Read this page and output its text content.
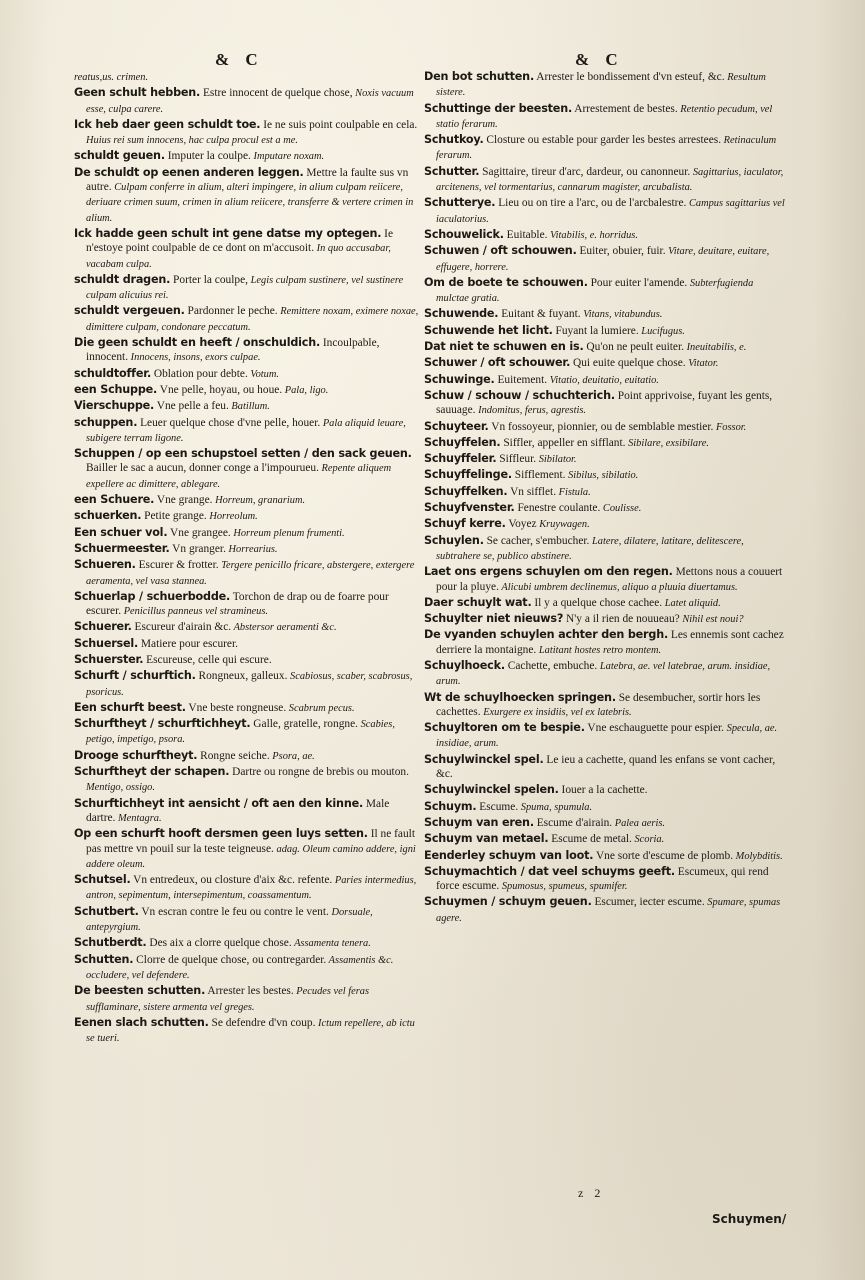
& C	& C

reatus,us. crimen.

Geen schult hebben. Estre innocent de quelque chose, Noxis vacuum esse, culpa carere.

Ick heb daer geen schuldt toe. Ie ne suis point coulpable en cela. Huius rei sum innocens, hac culpa procul est a me.

schuldt geuen. Imputer la coulpe. Imputare noxam.

De schuldt op eenen anderen leggen. Mettre la faulte sus vn autre. Culpam conferre in alium, alteri impingere, in alium culpam reiicere, deriuare crimen suum, crimen in alium reiicere, transferre & vertere crimen in alium.

Ick hadde geen schult int gene datse my optegen. Ie n'estoye point coulpable de ce dont on m'accusoit. In quo accusabar, vacabam culpa.

schuldt dragen. Porter la coulpe, Legis culpam sustinere, vel sustinere culpam alicuius rei.

schuldt vergeuen. Pardonner le peche. Remittere noxam, eximere noxae, dimittere culpam, condonare peccatum.

Die geen schuldt en heeft / onschuldich. Incoulpable, innocent. Innocens, insons, exors culpae.

schuldtoffer. Oblation pour debte. Votum.

een Schuppe. Vne pelle, hoyau, ou houe. Pala, ligo.

Vierschuppe. Vne pelle a feu. Batillum.

schuppen. Leuer quelque chose d'vne pelle, houer. Pala aliquid leuare, subigere terram ligone.

Schuppen / op een schupstoel setten / den sack geuen. Bailler le sac a aucun, donner conge a l'impourueu. Repente aliquem expellere ac dimittere, ablegare.

een Schuere. Vne grange. Horreum, granarium.

schuerken. Petite grange. Horreolum.

Een schuer vol. Vne grangee. Horreum plenum frumenti.

Schuermeester. Vn granger. Horrearius.

Schueren. Escurer & frotter. Tergere penicillo fricare, abstergere, extergere aeramenta, vel vasa stannea.

Schuerlap / schuerbodde. Torchon de drap ou de foarre pour escurer. Penicillus panneus vel stramineus.

Schuerer. Escureur d'airain &c. Abstersor aeramenti &c.

Schuersel. Matiere pour escurer.

Schuerster. Escureuse, celle qui escure.

Schurft / schurftich. Rongneux, galleux. Scabiosus, scaber, scabrosus, psoricus.

Een schurft beest. Vne beste rongneuse. Scabrum pecus.

Schurftheyt / schurftichheyt. Galle, gratelle, rongne. Scabies, petigo, impetigo, psora.

Drooge schurftheyt. Rongne seiche. Psora, ae.

Schurftheyt der schapen. Dartre ou rongne de brebis ou mouton. Mentigo, ossigo.

Schurftichheyt int aensicht / oft aen den kinne. Male dartre. Mentagra.

Op een schurft hooft dersmen geen luys setten. Il ne fault pas mettre vn pouil sur la teste teigneuse. adag. Oleum camino addere, igni addere oleum.

Schutsel. Vn entredeux, ou closture d'aix &c. refente. Paries intermedius, antron, sepimentum, intersepimentum, coassamentum.

Schutbert. Vn escran contre le feu ou contre le vent. Dorsuale, antepyrgium.

Schutberdt. Des aix a clorre quelque chose. Assamenta tenera.

Schutten. Clorre de quelque chose, ou contregarder. Assamentis &c. occludere, vel defendere.

De beesten schutten. Arrester les bestes. Pecudes vel feras sufflaminare, sistere armenta vel greges.

Eenen slach schutten. Se defendre d'vn coup. Ictum repellere, ab ictu se tueri.

Den bot schutten. Arrester le bondissement d'vn esteuf, &c. Resultum sistere.

Schuttinge der beesten. Arrestement de bestes. Retentio pecudum, vel statio ferarum.

Schutkoy. Closture ou estable pour garder les bestes arrestees. Retinaculum ferarum.

Schutter. Sagittaire, tireur d'arc, dardeur, ou canonneur. Sagittarius, iaculator, arcitenens, vel tormentarius, cannarum magister, arcubalista.

Schutterye. Lieu ou on tire a l'arc, ou de l'arcbalestre. Campus sagittarius vel iaculatorius.

Schouwelick. Euitable. Vitabilis, e. horridus.

Schuwen / oft schouwen. Euiter, obuier, fuir. Vitare, deuitare, euitare, effugere, horrere.

Om de boete te schouwen. Pour euiter l'amende. Subterfugienda mulctae gratia.

Schuwende. Euitant & fuyant. Vitans, vitabundus.

Schuwende het licht. Fuyant la lumiere. Lucifugus.

Dat niet te schuwen en is. Qu'on ne peult euiter. Ineuitabilis, e.

Schuwer / oft schouwer. Qui euite quelque chose. Vitator.

Schuwinge. Euitement. Vitatio, deuitatio, euitatio.

Schuw / schouw / schuchterich. Point apprivoise, fuyant les gents, sauuage. Indomitus, ferus, agrestis.

Schuyteer. Vn fossoyeur, pionnier, ou de semblable mestier. Fossor.

Schuyffelen. Siffler, appeller en sifflant. Sibilare, exsibilare.

Schuyffeler. Siffleur. Sibilator.

Schuyffelinge. Sifflement. Sibilus, sibilatio.

Schuyffelken. Vn sifflet. Fistula.

Schuyfvenster. Fenestre coulante. Coulisse.

Schuyf kerre. Voyez Kruywagen.

Schuylen. Se cacher, s'embucher. Latere, dilatere, latitare, delitescere, subtrahere se, publico abstinere.

Laet ons ergens schuylen om den regen. Mettons nous a couuert pour la pluye. Alicubi umbrem declinemus, aliquo a pluuia diuertamus.

Daer schuylt wat. Il y a quelque chose cachee. Latet aliquid.

Schuylter niet nieuws? N'y a il rien de nouueau? Nihil est noui?

De vyanden schuylen achter den bergh. Les ennemis sont cachez derriere la montaigne. Latitant hostes retro montem.

Schuylhoeck. Cachette, embuche. Latebra, ae. vel latebrae, arum. insidiae, arum.

Wt de schuylhoecken springen. Se desembucher, sortir hors les cachettes. Exurgere ex insidiis, vel ex latebris.

Schuyltoren om te bespie. Vne eschauguette pour espier. Specula, ae. insidiae, arum.

Schuylwinckel spel. Le ieu a cachette, quand les enfans se vont cacher, &c.

Schuylwinckel spelen. Iouer a la cachette.

Schuym. Escume. Spuma, spumula.

Schuym van eren. Escume d'airain. Palea aeris.

Schuym van metael. Escume de metal. Scoria.

Eenderley schuym van loot. Vne sorte d'escume de plomb. Molybditis.

Schuymachtich / dat veel schuyms geeft. Escumeux, qui rend force escume. Spumosus, spumeus, spumifer.

Schuymen / schuym geuen. Escumer, iecter escume. Spumare, spumas agere.

z 2
Schuymen/
